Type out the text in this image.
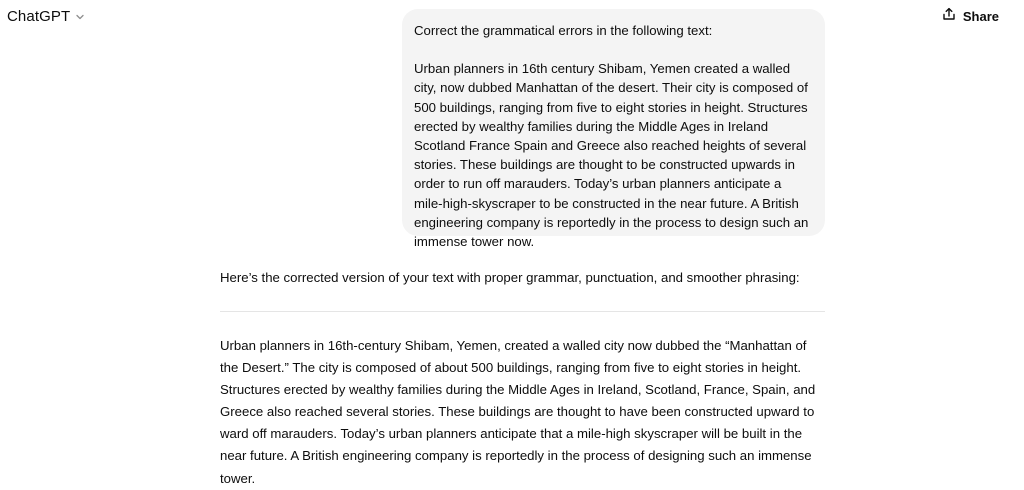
ChatGPT	Share

Correct the grammatical errors in the following text:

Urban planners in 16th century Shibam, Yemen created a walled city, now dubbed Manhattan of the desert. Their city is composed of 500 buildings, ranging from five to eight stories in height. Structures erected by wealthy families during the Middle Ages in Ireland Scotland France Spain and Greece also reached heights of several stories. These buildings are thought to be constructed upwards in order to run off marauders. Today’s urban planners anticipate a mile-high-skyscraper to be constructed in the near future. A British engineering company is reportedly in the process to design such an immense tower now.

Here’s the corrected version of your text with proper grammar, punctuation, and smoother phrasing:

Urban planners in 16th-century Shibam, Yemen, created a walled city now dubbed the “Manhattan of the Desert.” The city is composed of about 500 buildings, ranging from five to eight stories in height. Structures erected by wealthy families during the Middle Ages in Ireland, Scotland, France, Spain, and Greece also reached several stories. These buildings are thought to have been constructed upward to ward off marauders. Today’s urban planners anticipate that a mile-high skyscraper will be built in the near future. A British engineering company is reportedly in the process of designing such an immense tower.
